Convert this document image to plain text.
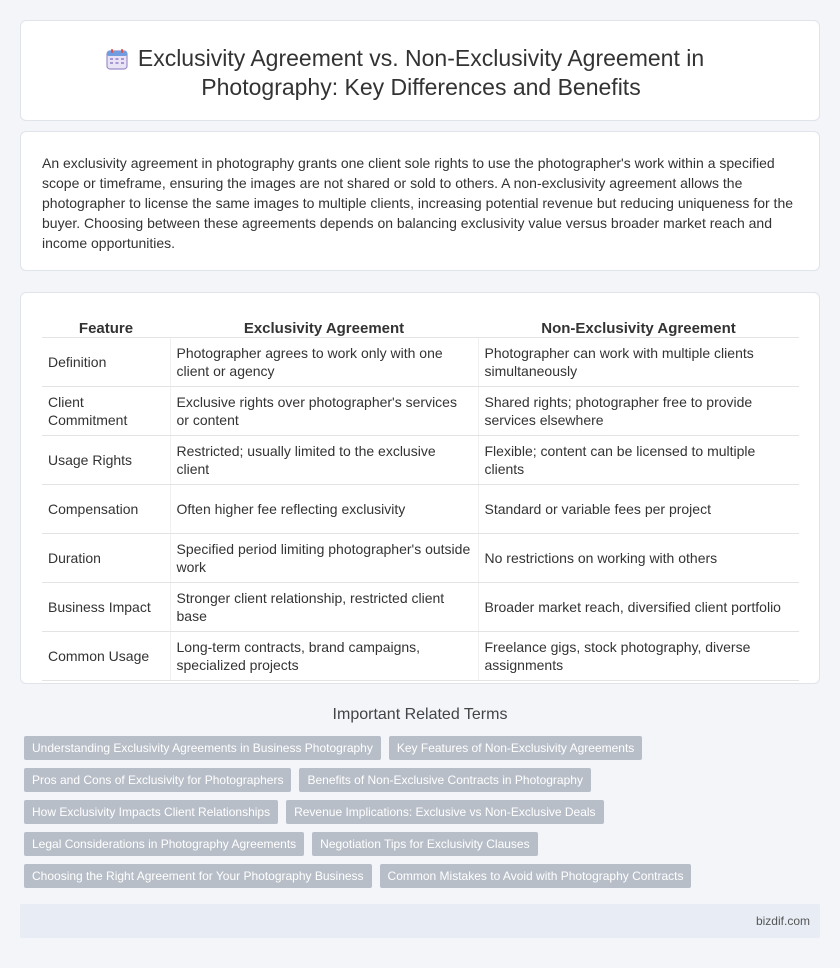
Exclusivity Agreement vs. Non-Exclusivity Agreement in
Photography: Key Differences and Benefits

An exclusivity agreement in photography grants one client sole rights to use the photographer's work within a specified scope or timeframe, ensuring the images are not shared or sold to others. A non-exclusivity agreement allows the photographer to license the same images to multiple clients, increasing potential revenue but reducing uniqueness for the buyer. Choosing between these agreements depends on balancing exclusivity value versus broader market reach and income opportunities.

Feature	Exclusivity Agreement	Non-Exclusivity Agreement
Definition	Photographer agrees to work only with one client or agency	Photographer can work with multiple clients simultaneously
Client Commitment	Exclusive rights over photographer's services or content	Shared rights; photographer free to provide services elsewhere
Usage Rights	Restricted; usually limited to the exclusive client	Flexible; content can be licensed to multiple clients
Compensation	Often higher fee reflecting exclusivity	Standard or variable fees per project
Duration	Specified period limiting photographer's outside work	No restrictions on working with others
Business Impact	Stronger client relationship, restricted client base	Broader market reach, diversified client portfolio
Common Usage	Long-term contracts, brand campaigns, specialized projects	Freelance gigs, stock photography, diverse assignments
Important Related Terms
Understanding Exclusivity Agreements in Business Photography	Key Features of Non-Exclusivity Agreements
Pros and Cons of Exclusivity for Photographers	Benefits of Non-Exclusive Contracts in Photography
How Exclusivity Impacts Client Relationships	Revenue Implications: Exclusive vs Non-Exclusive Deals
Legal Considerations in Photography Agreements	Negotiation Tips for Exclusivity Clauses
Choosing the Right Agreement for Your Photography Business	Common Mistakes to Avoid with Photography Contracts
bizdif.com
